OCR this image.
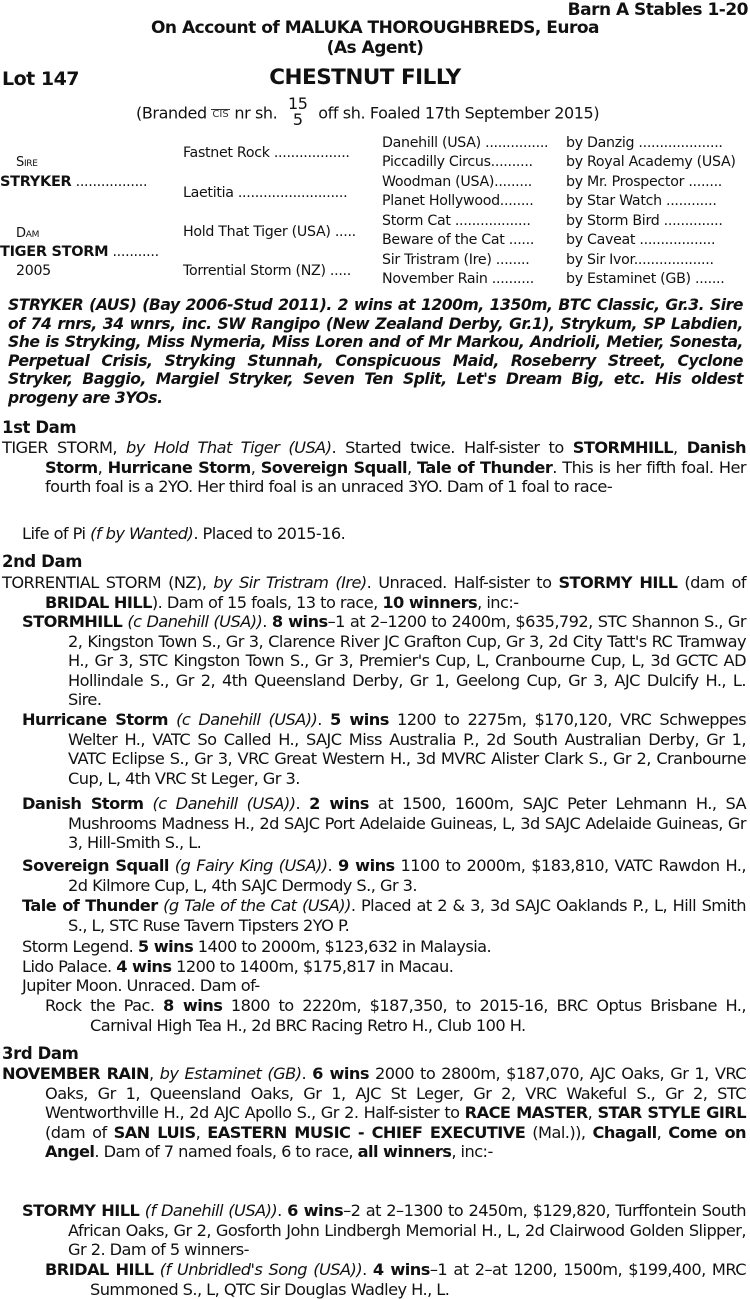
Barn A Stables 1-20
On Account of MALUKA THOROUGHBREDS, Euroa
(As Agent)
Lot 147	CHESTNUT FILLY
(Branded CIS nr sh. 15
5 off sh. Foaled 17th September 2015)
Sire
STRYKER .................
Dam
TIGER STORM ...........
2005
Fastnet Rock ..................
Laetitia ..........................
Hold That Tiger (USA) .....
Torrential Storm (NZ) .....
Danehill (USA) ...............
Piccadilly Circus..........
Woodman (USA).........
Planet Hollywood........
Storm Cat ..................
Beware of the Cat ......
Sir Tristram (Ire) ........
November Rain ..........
by Danzig ....................
by Royal Academy (USA)
by Mr. Prospector ........
by Star Watch ............
by Storm Bird ..............
by Caveat ..................
by Sir Ivor...................
by Estaminet (GB) .......
STRYKER (AUS) (Bay 2006-Stud 2011). 2 wins at 1200m, 1350m, BTC Classic, Gr.3. Sire of 74 rnrs, 34 wnrs, inc. SW Rangipo (New Zealand Derby, Gr.1), Strykum, SP Labdien, She is Stryking, Miss Nymeria, Miss Loren and of Mr Markou, Andrioli, Metier, Sonesta, Perpetual Crisis, Stryking Stunnah, Conspicuous Maid, Roseberry Street, Cyclone Stryker, Baggio, Margiel Stryker, Seven Ten Split, Let's Dream Big, etc. His oldest progeny are 3YOs.
1st Dam
TIGER STORM, by Hold That Tiger (USA). Started twice. Half-sister to STORMHILL, Danish Storm, Hurricane Storm, Sovereign Squall, Tale of Thunder. This is her fifth foal. Her fourth foal is a 2YO. Her third foal is an unraced 3YO. Dam of 1 foal to race-
Life of Pi (f by Wanted). Placed to 2015-16.
2nd Dam
TORRENTIAL STORM (NZ), by Sir Tristram (Ire). Unraced. Half-sister to STORMY HILL (dam of BRIDAL HILL). Dam of 15 foals, 13 to race, 10 winners, inc:-
STORMHILL (c Danehill (USA)). 8 wins–1 at 2–1200 to 2400m, $635,792, STC Shannon S., Gr 2, Kingston Town S., Gr 3, Clarence River JC Grafton Cup, Gr 3, 2d City Tatt's RC Tramway H., Gr 3, STC Kingston Town S., Gr 3, Premier's Cup, L, Cranbourne Cup, L, 3d GCTC AD Hollindale S., Gr 2, 4th Queensland Derby, Gr 1, Geelong Cup, Gr 3, AJC Dulcify H., L. Sire.
Hurricane Storm (c Danehill (USA)). 5 wins 1200 to 2275m, $170,120, VRC Schweppes Welter H., VATC So Called H., SAJC Miss Australia P., 2d South Australian Derby, Gr 1, VATC Eclipse S., Gr 3, VRC Great Western H., 3d MVRC Alister Clark S., Gr 2, Cranbourne Cup, L, 4th VRC St Leger, Gr 3.
Danish Storm (c Danehill (USA)). 2 wins at 1500, 1600m, SAJC Peter Lehmann H., SA Mushrooms Madness H., 2d SAJC Port Adelaide Guineas, L, 3d SAJC Adelaide Guineas, Gr 3, Hill-Smith S., L.
Sovereign Squall (g Fairy King (USA)). 9 wins 1100 to 2000m, $183,810, VATC Rawdon H., 2d Kilmore Cup, L, 4th SAJC Dermody S., Gr 3.
Tale of Thunder (g Tale of the Cat (USA)). Placed at 2 & 3, 3d SAJC Oaklands P., L, Hill Smith S., L, STC Ruse Tavern Tipsters 2YO P.
Storm Legend. 5 wins 1400 to 2000m, $123,632 in Malaysia.
Lido Palace. 4 wins 1200 to 1400m, $175,817 in Macau.
Jupiter Moon. Unraced. Dam of-
Rock the Pac. 8 wins 1800 to 2220m, $187,350, to 2015-16, BRC Optus Brisbane H., Carnival High Tea H., 2d BRC Racing Retro H., Club 100 H.
3rd Dam
NOVEMBER RAIN, by Estaminet (GB). 6 wins 2000 to 2800m, $187,070, AJC Oaks, Gr 1, VRC Oaks, Gr 1, Queensland Oaks, Gr 1, AJC St Leger, Gr 2, VRC Wakeful S., Gr 2, STC Wentworthville H., 2d AJC Apollo S., Gr 2. Half-sister to RACE MASTER, STAR STYLE GIRL (dam of SAN LUIS, EASTERN MUSIC - CHIEF EXECUTIVE (Mal.)), Chagall, Come on Angel. Dam of 7 named foals, 6 to race, all winners, inc:-
STORMY HILL (f Danehill (USA)). 6 wins–2 at 2–1300 to 2450m, $129,820, Turffontein South African Oaks, Gr 2, Gosforth John Lindbergh Memorial H., L, 2d Clairwood Golden Slipper, Gr 2. Dam of 5 winners-
BRIDAL HILL (f Unbridled's Song (USA)). 4 wins–1 at 2–at 1200, 1500m, $199,400, MRC Summoned S., L, QTC Sir Douglas Wadley H., L.
